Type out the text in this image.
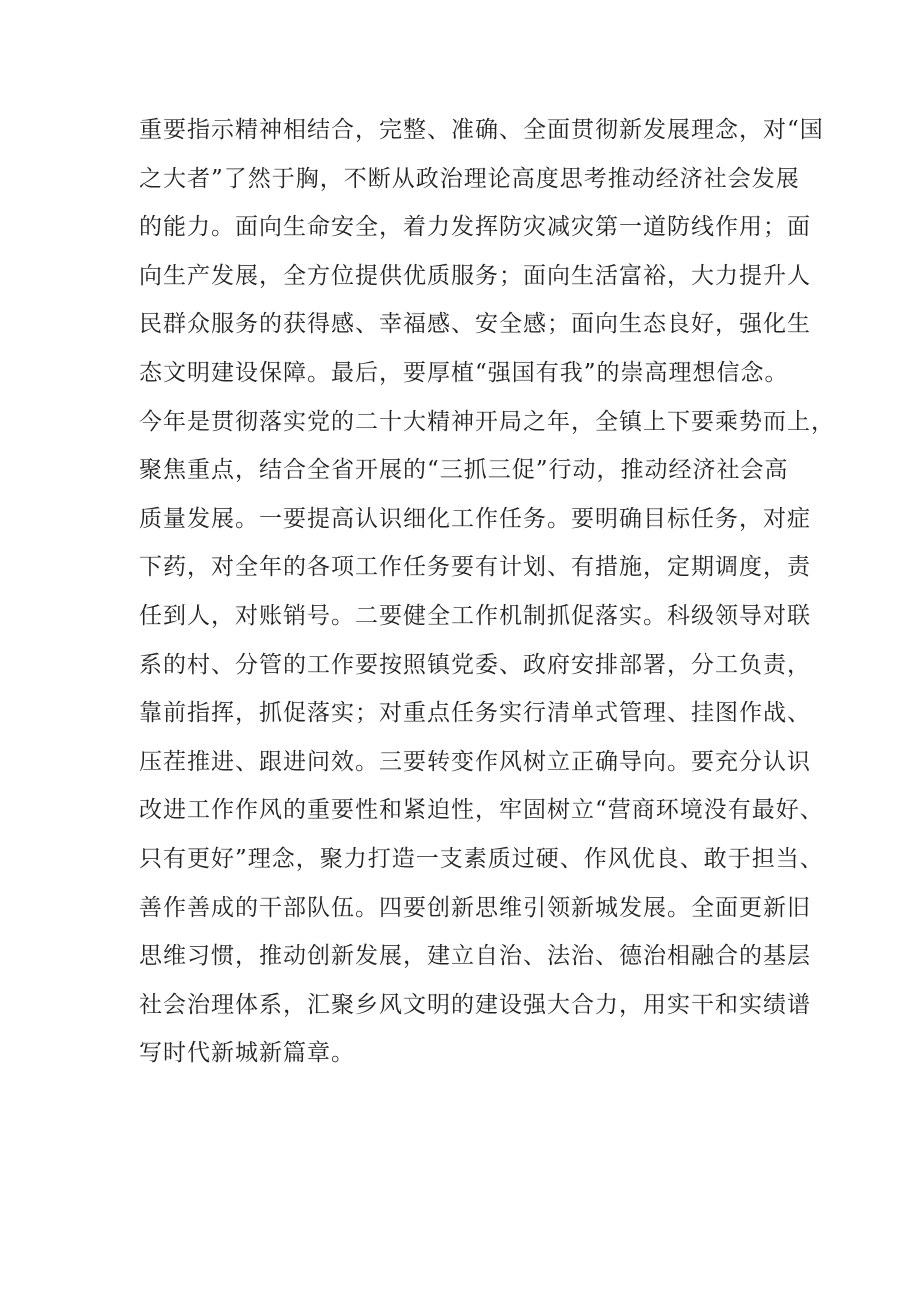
重要指示精神相结合，完整、准确、全面贯彻新发展理念，对“国
之大者”了然于胸，不断从政治理论高度思考推动经济社会发展
的能力。面向生命安全，着力发挥防灾减灾第一道防线作用；面
向生产发展，全方位提供优质服务；面向生活富裕，大力提升人
民群众服务的获得感、幸福感、安全感；面向生态良好，强化生
态文明建设保障。最后，要厚植“强国有我”的崇高理想信念。
今年是贯彻落实党的二十大精神开局之年，全镇上下要乘势而上，
聚焦重点，结合全省开展的“三抓三促”行动，推动经济社会高
质量发展。一要提高认识细化工作任务。要明确目标任务，对症
下药，对全年的各项工作任务要有计划、有措施，定期调度，责
任到人，对账销号。二要健全工作机制抓促落实。科级领导对联
系的村、分管的工作要按照镇党委、政府安排部署，分工负责，
靠前指挥，抓促落实；对重点任务实行清单式管理、挂图作战、
压茬推进、跟进问效。三要转变作风树立正确导向。要充分认识
改进工作作风的重要性和紧迫性，牢固树立“营商环境没有最好、
只有更好”理念，聚力打造一支素质过硬、作风优良、敢于担当、
善作善成的干部队伍。四要创新思维引领新城发展。全面更新旧
思维习惯，推动创新发展，建立自治、法治、德治相融合的基层
社会治理体系，汇聚乡风文明的建设强大合力，用实干和实绩谱
写时代新城新篇章。
